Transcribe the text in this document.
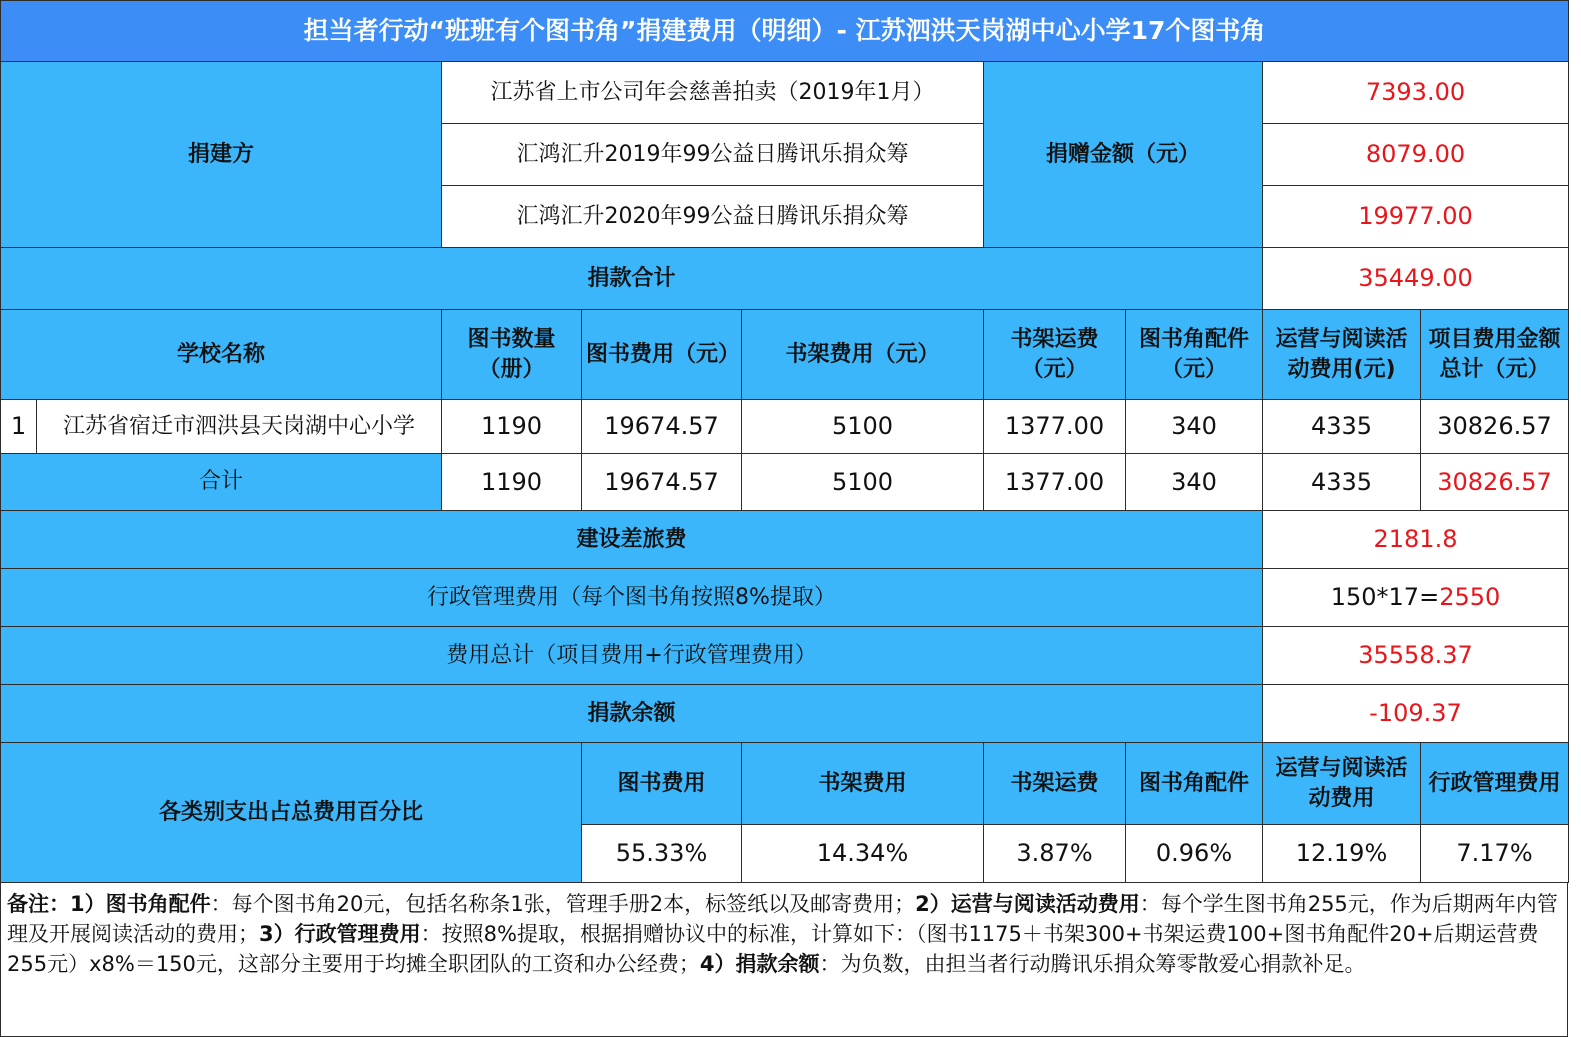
担当者行动“班班有个图书角”捐建费用（明细）- 江苏泗洪天岗湖中心小学17个图书角								
捐建方		江苏省上市公司年会慈善拍卖（2019年1月）			捐赠金额（元）		7393.00	
		汇鸿汇升2019年99公益日腾讯乐捐众筹					8079.00	
		汇鸿汇升2020年99公益日腾讯乐捐众筹					19977.00	
捐款合计							35449.00	
学校名称		图书数量（册）	图书费用（元）	书架费用（元）	书架运费（元）	图书角配件（元）	运营与阅读活动费用(元)	项目费用金额总计（元）
1	江苏省宿迁市泗洪县天岗湖中心小学	1190	19674.57	5100	1377.00	340	4335	30826.57
合计		1190	19674.57	5100	1377.00	340	4335	30826.57
建设差旅费							2181.8	
行政管理费用（每个图书角按照8%提取）							150*17=2550	
费用总计（项目费用+行政管理费用）							35558.37	
捐款余额							-109.37	
各类别支出占总费用百分比			图书费用	书架费用	书架运费	图书角配件	运营与阅读活动费用	行政管理费用
			55.33%	14.34%	3.87%	0.96%	12.19%	7.17%
备注：1）图书角配件：每个图书角20元，包括名称条1张，管理手册2本，标签纸以及邮寄费用；2）运营与阅读活动费用：每个学生图书角255元，作为后期两年内管理及开展阅读活动的费用；3）行政管理费用：按照8%提取，根据捐赠协议中的标准，计算如下：（图书1175＋书架300+书架运费100+图书角配件20+后期运营费255元）x8%＝150元，这部分主要用于均摊全职团队的工资和办公经费；4）捐款余额：为负数，由担当者行动腾讯乐捐众筹零散爱心捐款补足。
